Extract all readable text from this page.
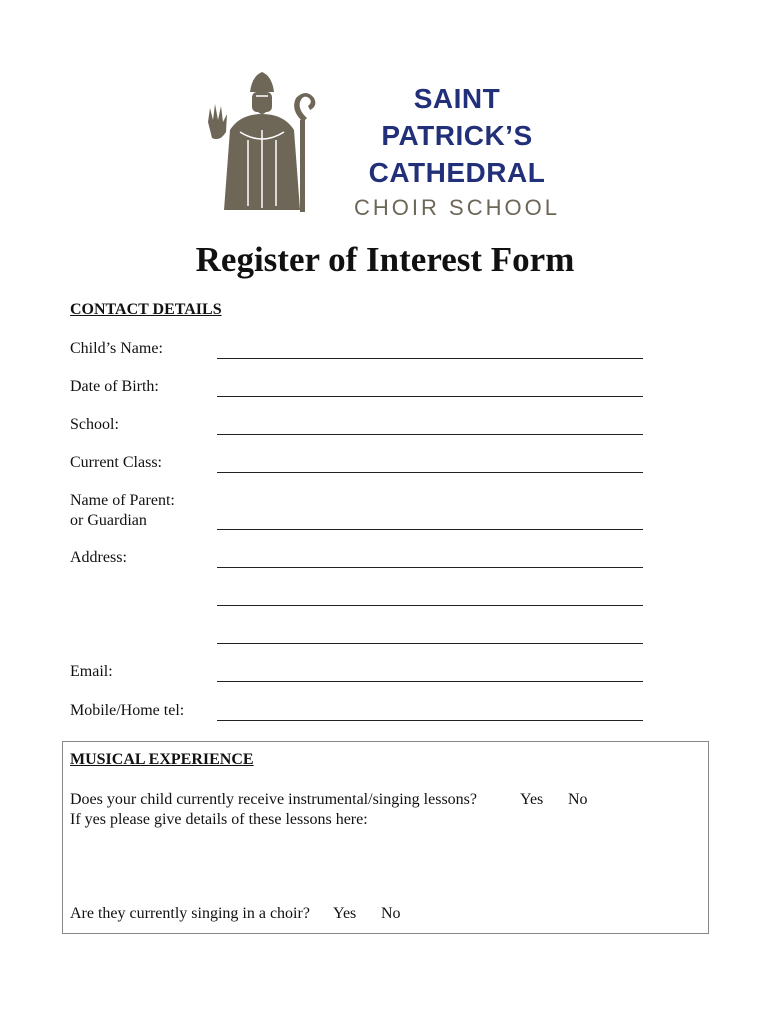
SAINT
PATRICK’S
CATHEDRAL
CHOIR SCHOOL
Register of Interest Form
CONTACT DETAILS
Child’s Name:
Date of Birth:
School:
Current Class:
Name of Parent:
or Guardian
Address:
Email:
Mobile/Home tel:
MUSICAL EXPERIENCE
Does your child currently receive instrumental/singing lessons?	Yes No
If yes please give details of these lessons here:
Are they currently singing in a choir? Yes No
